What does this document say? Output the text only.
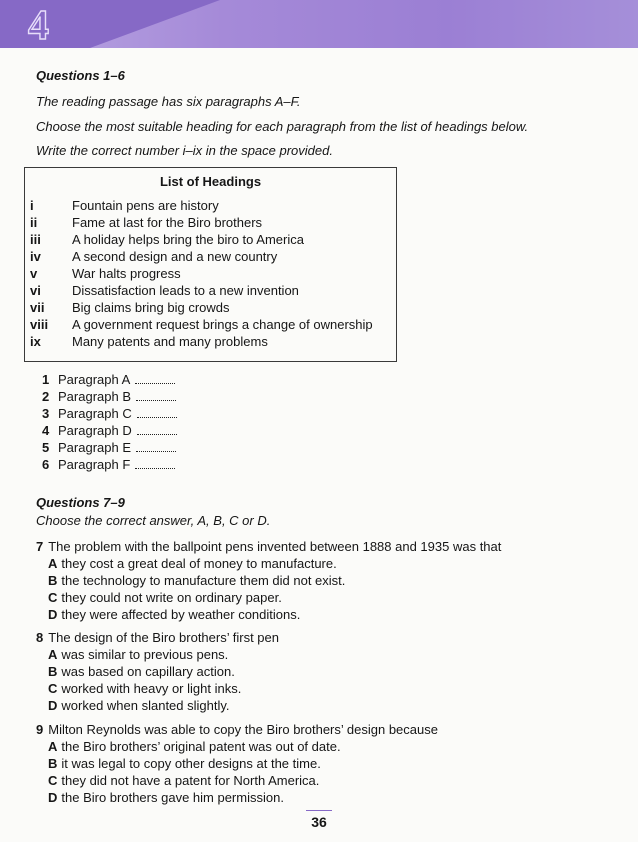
4
Questions 1–6
The reading passage has six paragraphs A–F.
Choose the most suitable heading for each paragraph from the list of headings below.
Write the correct number i–ix in the space provided.
List of Headings
i	Fountain pens are history
ii	Fame at last for the Biro brothers
iii A holiday helps bring the biro to America
iv A second design and a new country
v	War halts progress
vi Dissatisfaction leads to a new invention
vii Big claims bring big crowds
viii A government request brings a change of ownership
ix Many patents and many problems
1 Paragraph A
2 Paragraph B
3 Paragraph C
4 Paragraph D
5 Paragraph E
6 Paragraph F
Questions 7–9
Choose the correct answer, A, B, C or D.
7 The problem with the ballpoint pens invented between 1888 and 1935 was that
A they cost a great deal of money to manufacture.
B the technology to manufacture them did not exist.
C they could not write on ordinary paper.
D they were affected by weather conditions.
8 The design of the Biro brothers’ first pen
A was similar to previous pens.
B was based on capillary action.
C worked with heavy or light inks.
D worked when slanted slightly.
9 Milton Reynolds was able to copy the Biro brothers’ design because
A the Biro brothers’ original patent was out of date.
B it was legal to copy other designs at the time.
C they did not have a patent for North America.
D the Biro brothers gave him permission.
36
